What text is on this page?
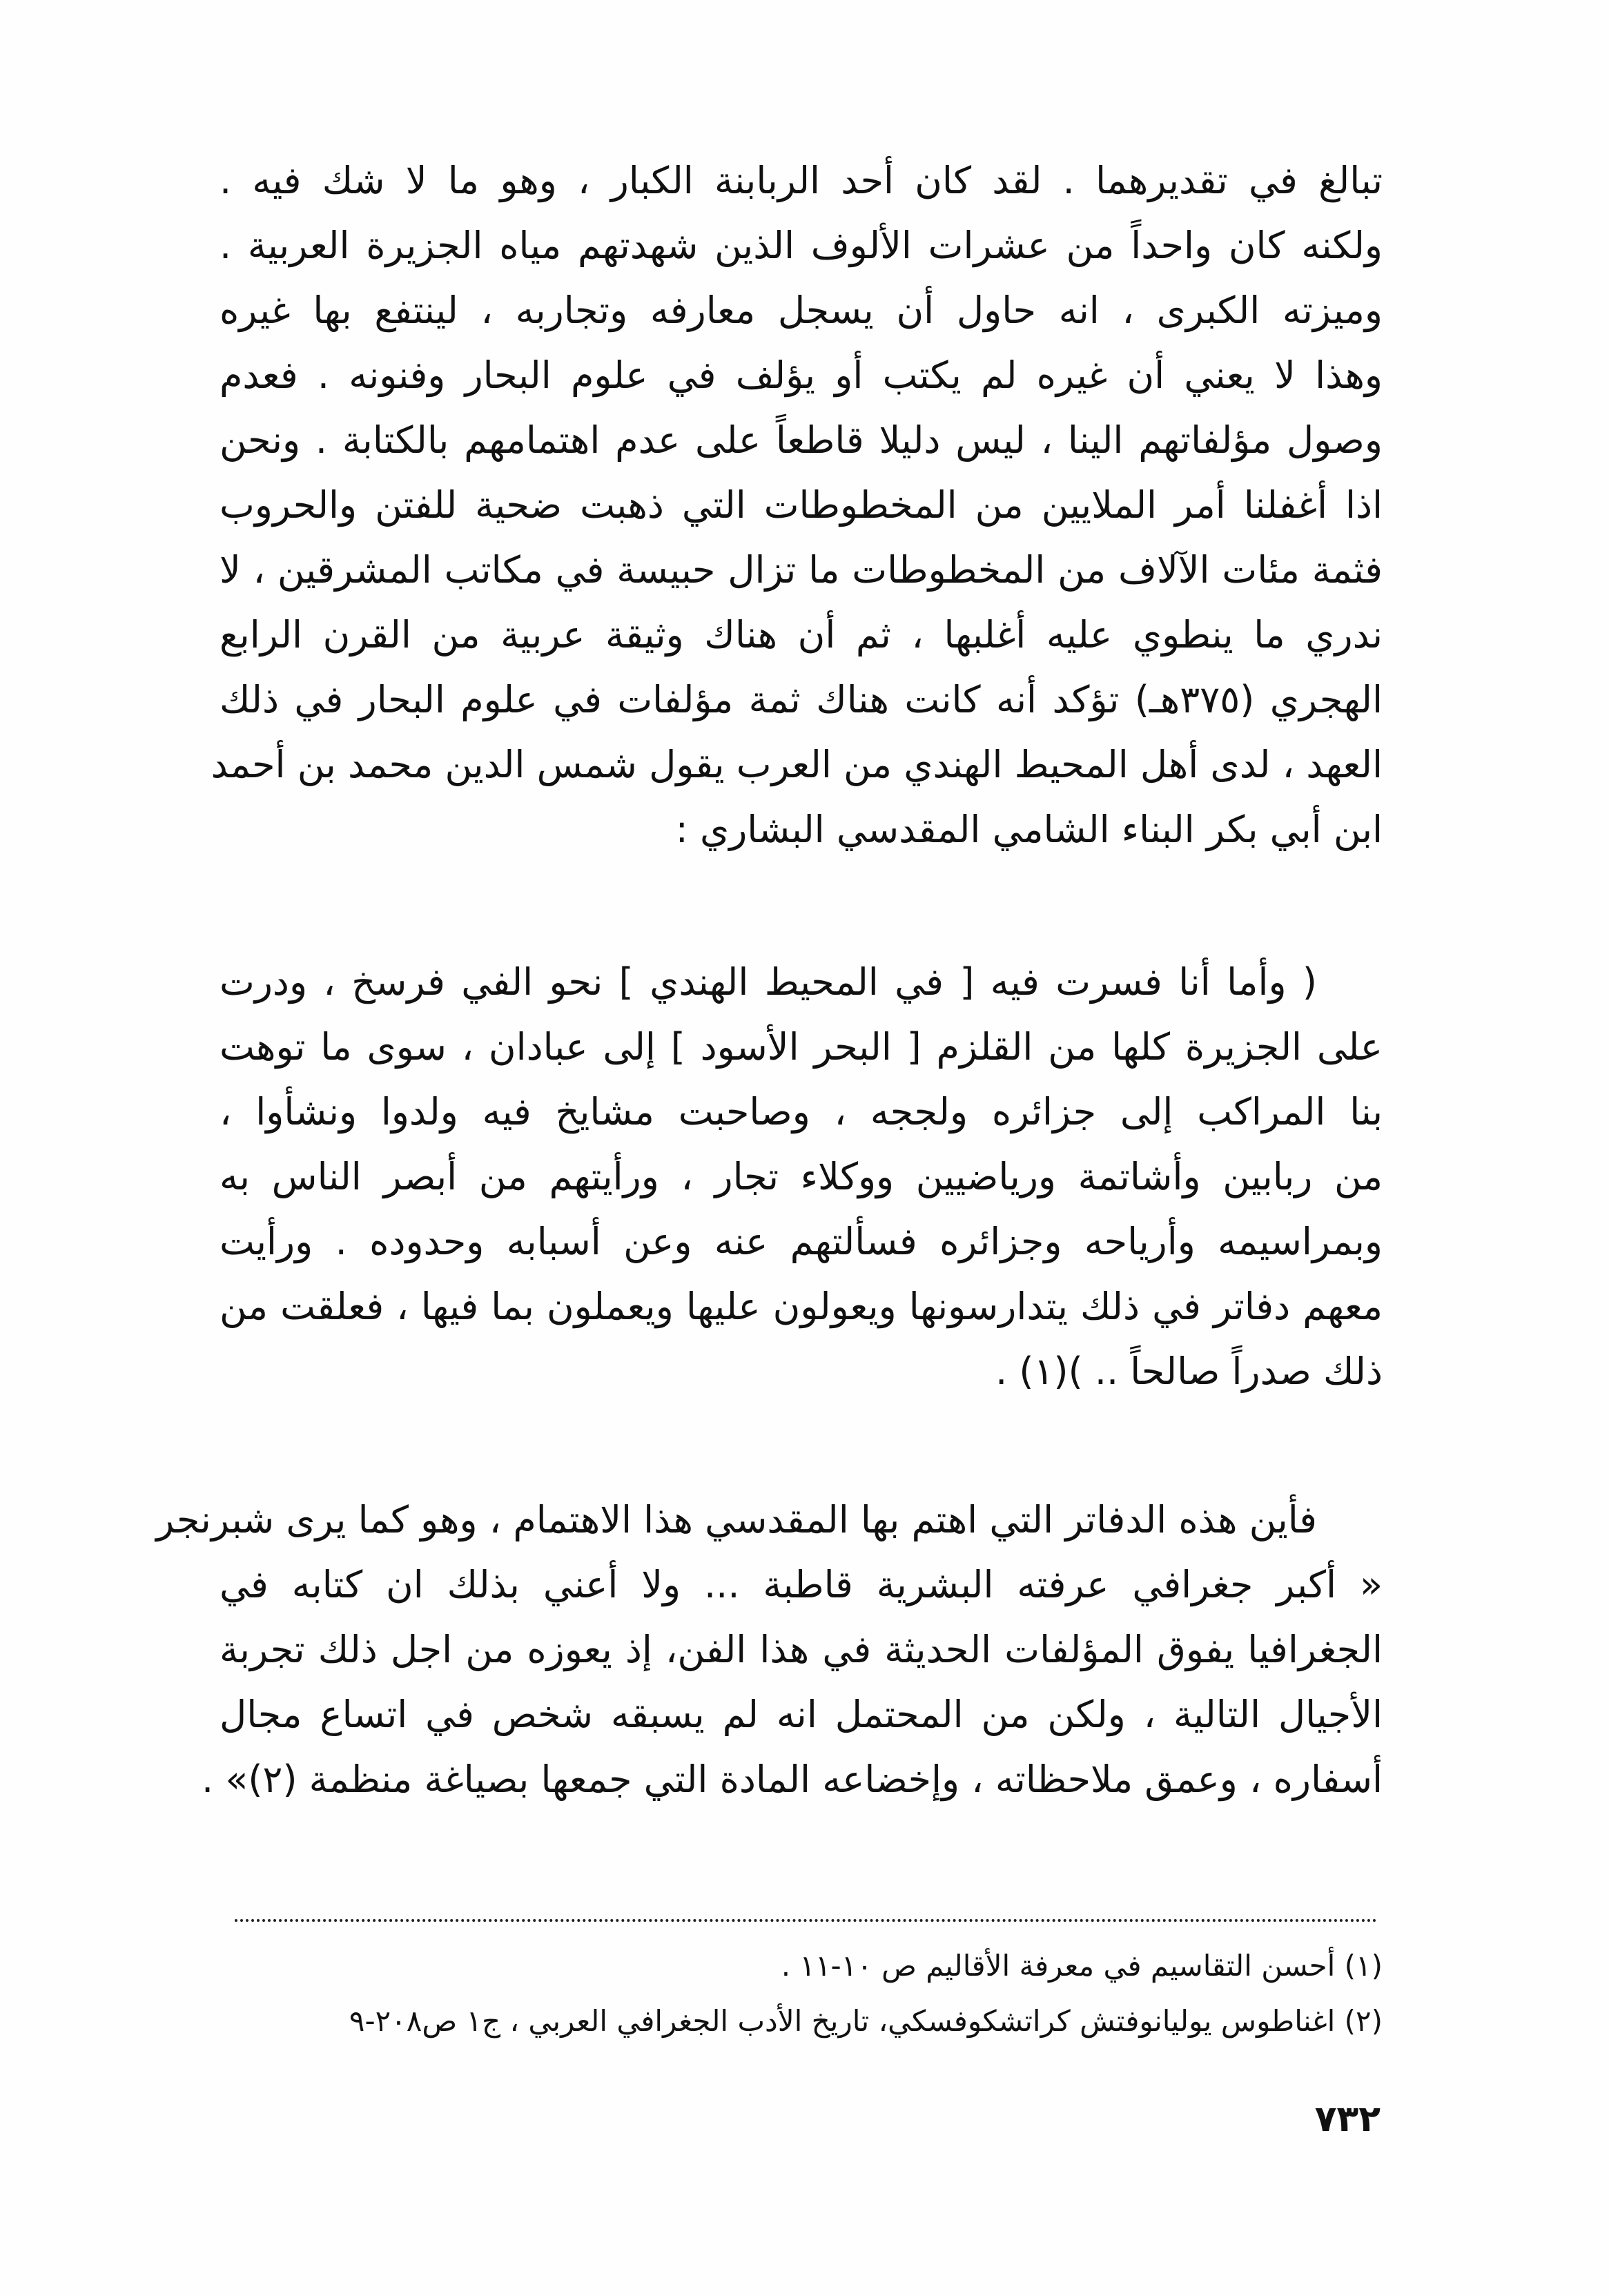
تبالغ في تقديرهما . لقد كان أحد الربابنة الكبار ، وهو ما لا شك فيه .
ولكنه كان واحداً من عشرات الألوف الذين شهدتهم مياه الجزيرة العربية .
وميزته الكبرى ، انه حاول أن يسجل معارفه وتجاربه ، لينتفع بها غيره
وهذا لا يعني أن غيره لم يكتب أو يؤلف في علوم البحار وفنونه . فعدم
وصول مؤلفاتهم الينا ، ليس دليلا قاطعاً على عدم اهتمامهم بالكتابة . ونحن
اذا أغفلنا أمر الملايين من المخطوطات التي ذهبت ضحية للفتن والحروب
فثمة مئات الآلاف من المخطوطات ما تزال حبيسة في مكاتب المشرقين ، لا
ندري ما ينطوي عليه أغلبها ، ثم أن هناك وثيقة عربية من القرن الرابع
الهجري (٣٧٥هـ) تؤكد أنه كانت هناك ثمة مؤلفات في علوم البحار في ذلك
العهد ، لدى أهل المحيط الهندي من العرب يقول شمس الدين محمد بن أحمد
ابن أبي بكر البناء الشامي المقدسي البشاري :
( وأما أنا فسرت فيه [ في المحيط الهندي ] نحو الفي فرسخ ، ودرت
على الجزيرة كلها من القلزم [ البحر الأسود ] إلى عبادان ، سوى ما توهت
بنا المراكب إلى جزائره ولججه ، وصاحبت مشايخ فيه ولدوا ونشأوا ،
من ربابين وأشاتمة ورياضيين ووكلاء تجار ، ورأيتهم من أبصر الناس به
وبمراسيمه وأرياحه وجزائره فسألتهم عنه وعن أسبابه وحدوده . ورأيت
معهم دفاتر في ذلك يتدارسونها ويعولون عليها ويعملون بما فيها ، فعلقت من
ذلك صدراً صالحاً .. )(١) .
فأين هذه الدفاتر التي اهتم بها المقدسي هذا الاهتمام ، وهو كما يرى شبرنجر
« أكبر جغرافي عرفته البشرية قاطبة ... ولا أعني بذلك ان كتابه في
الجغرافيا يفوق المؤلفات الحديثة في هذا الفن، إذ يعوزه من اجل ذلك تجربة
الأجيال التالية ، ولكن من المحتمل انه لم يسبقه شخص في اتساع مجال
أسفاره ، وعمق ملاحظاته ، وإخضاعه المادة التي جمعها بصياغة منظمة (٢)» .
(١) أحسن التقاسيم في معرفة الأقاليم ص ١٠-١١ .
(٢) اغناطوس يوليانوفتش كراتشكوفسكي، تاريخ الأدب الجغرافي العربي ، ج١ ص٢٠٨-٩
٧٣٢
